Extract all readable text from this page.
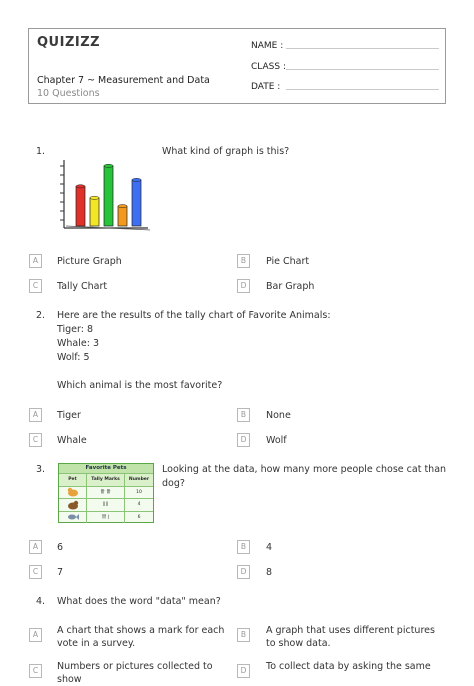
QUIZIZZ
Chapter 7 ~ Measurement and Data
10 Questions
NAME :
CLASS :
DATE :
1.	What kind of graph is this?
A	Picture Graph	B	Pie Chart
C	Tally Chart	D	Bar Graph
2. Here are the results of the tally chart of Favorite Animals:
Tiger: 8
Whale: 3
Wolf: 5
Which animal is the most favorite?
A	Tiger	B	None
C	Whale	D	Wolf
3.	Favorite Pets
Pet	Tally Marks	Number
卌 卌	10
||||	4
卌 |	6
Looking at the data, how many more people chose cat than
dog?
A	6	B	4
C	7	D	8
4. What does the word "data" mean?
A	A chart that shows a mark for each vote in a survey.
B	A graph that uses different pictures to show data.
C	Numbers or pictures collected to show
D	To collect data by asking the same
